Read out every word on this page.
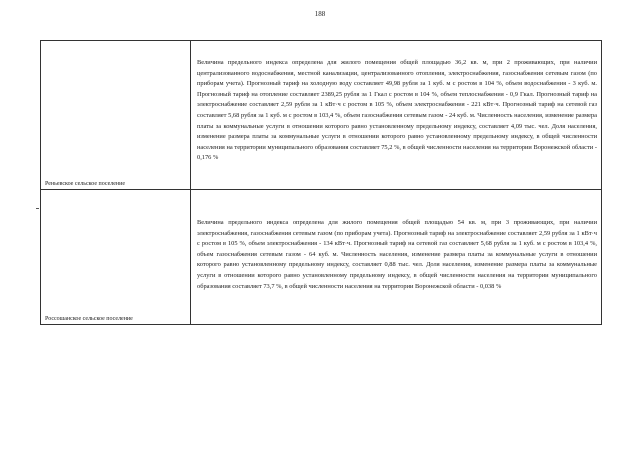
188
Реньевское сельское поселение	Величина предельного индекса определена для жилого помещения общей площадью 36,2 кв. м, при 2 проживающих, при наличии централизованного водоснабжения, местной канализации, централизованного отопления, электроснабжения, газоснабжения сетевым газом (по приборам учета). Прогнозный тариф на холодную воду составляет 49,98 рубля за 1 куб. м с ростом в 104 %, объем водоснабжения - 3 куб. м. Прогнозный тариф на отопление составляет 2389,25 рубля за 1 Гкал с ростом в 104 %, объем теплоснабжения - 0,9 Гкал. Прогнозный тариф на электроснабжение составляет 2,59 рубля за 1 кВт·ч с ростом в 105 %, объем электроснабжения - 221 кВт·ч. Прогнозный тариф на сетевой газ составляет 5,68 рубля за 1 куб. м с ростом в 103,4 %, объем газоснабжения сетевым газом - 24 куб. м. Численность населения, изменение размера платы за коммунальные услуги в отношении которого равно установленному предельному индексу, составляет 4,09 тыс. чел. Доля населения, изменение размера платы за коммунальные услуги в отношении которого равно установленному предельному индексу, в общей численности населения на территории муниципального образования составляет 75,2 %, в общей численности населения на территории Воронежской области - 0,176 %

Россошанское сельское поселение	Величина предельного индекса определена для жилого помещения общей площадью 54 кв. м, при 3 проживающих, при наличии электроснабжения, газоснабжения сетевым газом (по приборам учета). Прогнозный тариф на электроснабжение составляет 2,59 рубля за 1 кВт·ч с ростом в 105 %, объем электроснабжения - 134 кВт·ч. Прогнозный тариф на сетевой газ составляет 5,68 рубля за 1 куб. м с ростом в 103,4 %, объем газоснабжения сетевым газом - 64 куб. м. Численность населения, изменение размера платы за коммунальные услуги в отношении которого равно установленному предельному индексу, составляет 0,88 тыс. чел. Доля населения, изменение размера платы за коммунальные услуги в отношении которого равно установленному предельному индексу, в общей численности населения на территории муниципального образования составляет 73,7 %, в общей численности населения на территории Воронежской области - 0,038 %
